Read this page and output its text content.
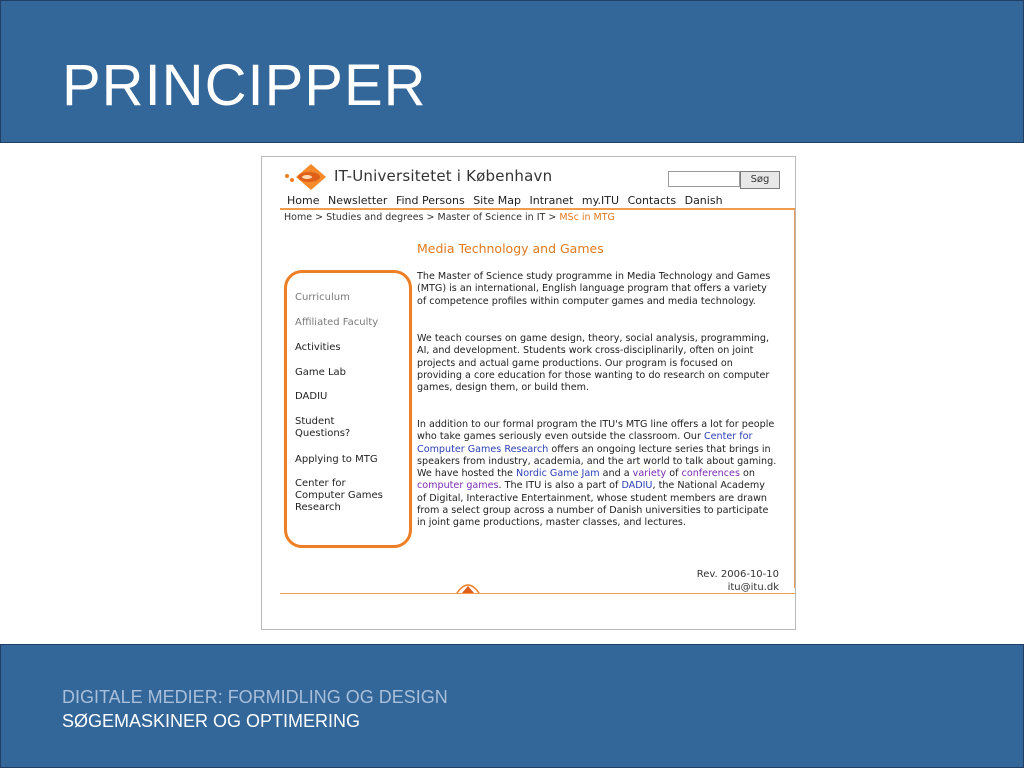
PRINCIPPER
IT-Universitetet i København	Søg
Home Newsletter Find Persons Site Map Intranet my.ITU Contacts Danish
Home > Studies and degrees > Master of Science in IT > MSc in MTG
Media Technology and Games
Curriculum
Affiliated Faculty
Activities
Game Lab
DADIU
Student Questions?
Applying to MTG
Center for Computer Games Research
The Master of Science study programme in Media Technology and Games (MTG) is an international, English language program that offers a variety of competence profiles within computer games and media technology.
We teach courses on game design, theory, social analysis, programming, AI, and development. Students work cross-disciplinarily, often on joint projects and actual game productions. Our program is focused on providing a core education for those wanting to do research on computer games, design them, or build them.
In addition to our formal program the ITU's MTG line offers a lot for people who take games seriously even outside the classroom. Our Center for Computer Games Research offers an ongoing lecture series that brings in speakers from industry, academia, and the art world to talk about gaming. We have hosted the Nordic Game Jam and a variety of conferences on computer games. The ITU is also a part of DADIU, the National Academy of Digital, Interactive Entertainment, whose student members are drawn from a select group across a number of Danish universities to participate in joint game productions, master classes, and lectures.
Rev. 2006-10-10
itu@itu.dk
DIGITALE MEDIER: FORMIDLING OG DESIGN
SØGEMASKINER OG OPTIMERING
